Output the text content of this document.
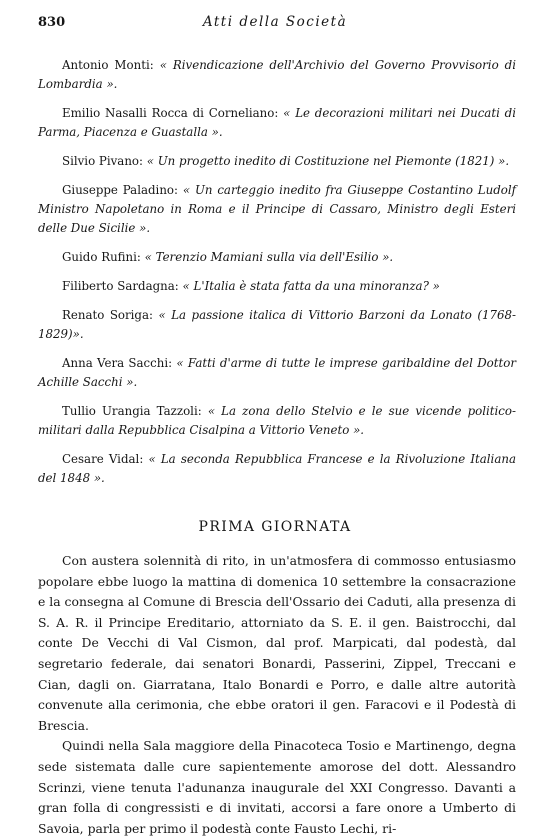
830	Atti della Società

Antonio Monti: « Rivendicazione dell'Archivio del Governo Provvisorio di Lombardia ».

Emilio Nasalli Rocca di Corneliano: « Le decorazioni militari nei Ducati di Parma, Piacenza e Guastalla ».

Silvio Pivano: « Un progetto inedito di Costituzione nel Piemonte (1821) ».

Giuseppe Paladino: « Un carteggio inedito fra Giuseppe Costantino Ludolf Ministro Napoletano in Roma e il Principe di Cassaro, Ministro degli Esteri delle Due Sicilie ».

Guido Rufini: « Terenzio Mamiani sulla via dell'Esilio ».

Filiberto Sardagna: « L'Italia è stata fatta da una minoranza? »

Renato Soriga: « La passione italica di Vittorio Barzoni da Lonato (1768-1829)».

Anna Vera Sacchi: « Fatti d'arme di tutte le imprese garibaldine del Dottor Achille Sacchi ».

Tullio Urangia Tazzoli: « La zona dello Stelvio e le sue vicende politico-militari dalla Repubblica Cisalpina a Vittorio Veneto ».

Cesare Vidal: « La seconda Repubblica Francese e la Rivoluzione Italiana del 1848 ».

PRIMA GIORNATA

Con austera solennità di rito, in un'atmosfera di commosso entusiasmo popolare ebbe luogo la mattina di domenica 10 settembre la consacrazione e la consegna al Comune di Brescia dell'Ossario dei Caduti, alla presenza di S. A. R. il Principe Ereditario, attorniato da S. E. il gen. Baistrocchi, dal conte De Vecchi di Val Cismon, dal prof. Marpicati, dal podestà, dal segretario federale, dai senatori Bonardi, Passerini, Zippel, Treccani e Cian, dagli on. Giarratana, Italo Bonardi e Porro, e dalle altre autorità convenute alla cerimonia, che ebbe oratori il gen. Faracovi e il Podestà di Brescia.

Quindi nella Sala maggiore della Pinacoteca Tosio e Martinengo, degna sede sistemata dalle cure sapientemente amorose del dott. Alessandro Scrinzi, viene tenuta l'adunanza inaugurale del XXI Congresso. Davanti a gran folla di congressisti e di invitati, accorsi a fare onore a Umberto di Savoia, parla per primo il podestà conte Fausto Lechi, ri-
